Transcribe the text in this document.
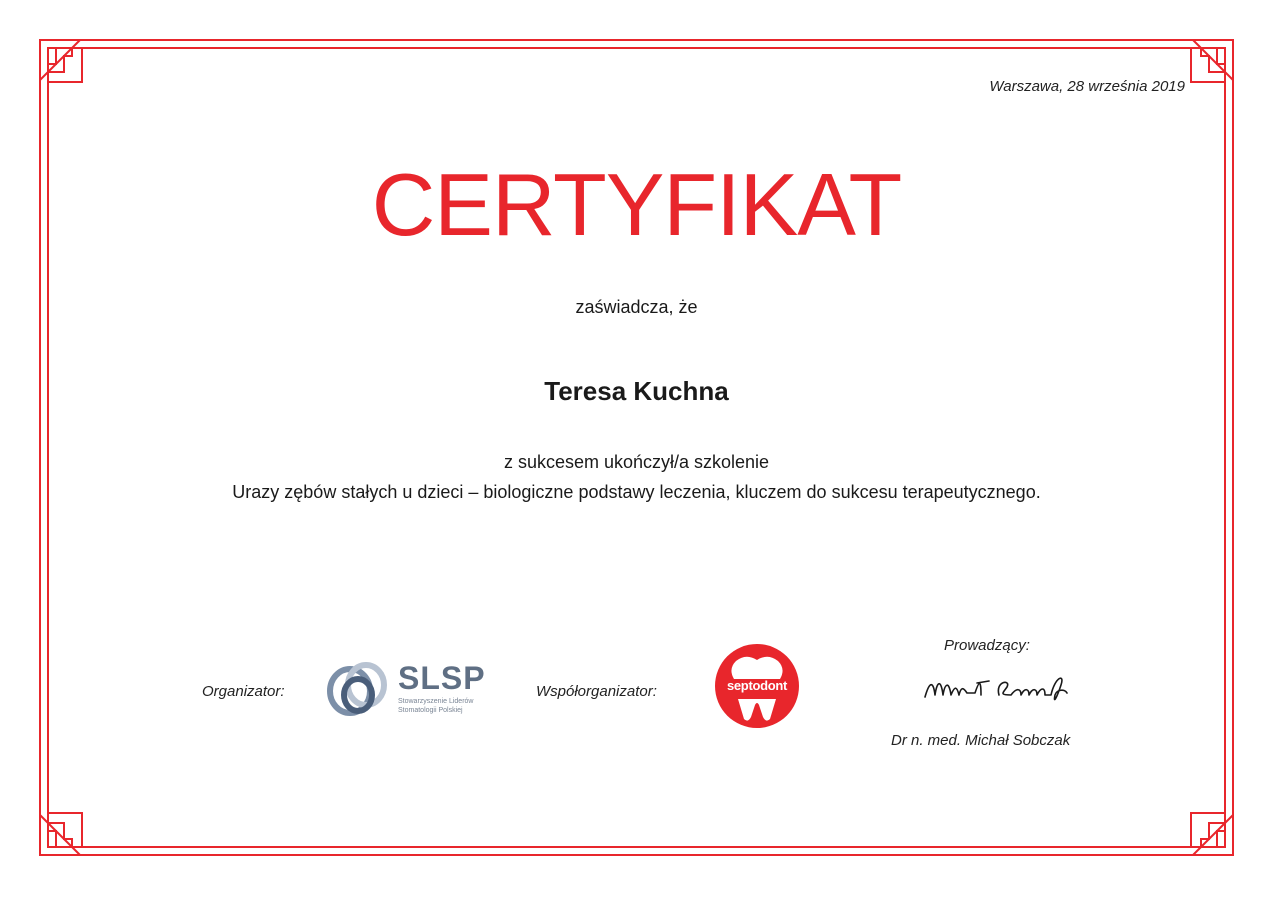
Warszawa, 28 września 2019
CERTYFIKAT
zaświadcza, że
Teresa Kuchna
z sukcesem ukończył/a szkolenie
Urazy zębów stałych u dzieci – biologiczne podstawy leczenia, kluczem do sukcesu terapeutycznego.
Organizator:	SLSP
Stowarzyszenie Liderów Stomatologii Polskiej
Współorganizator:	septodont
Prowadzący:
Dr n. med. Michał Sobczak
